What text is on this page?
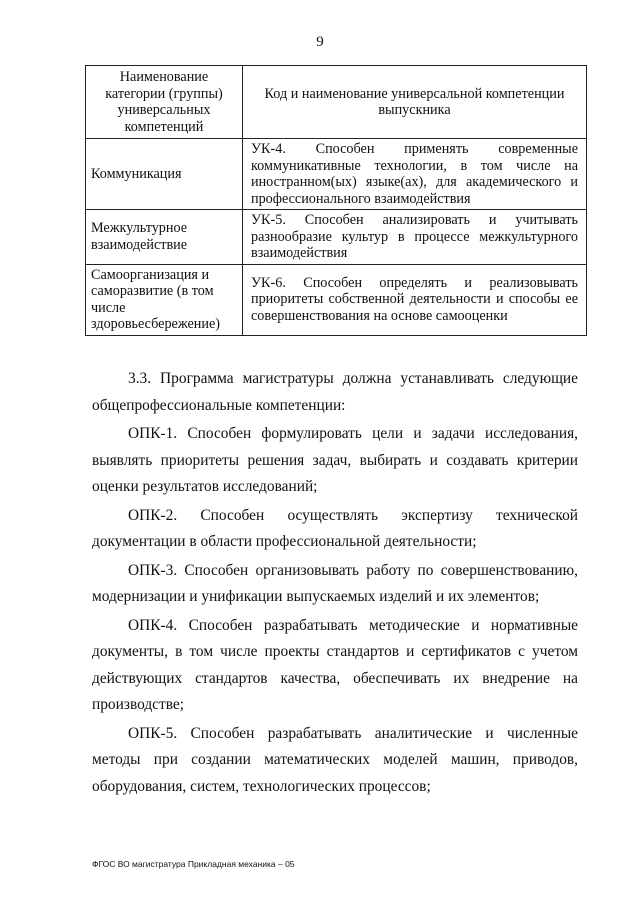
9
Наименование категории (группы) универсальных компетенций	Код и наименование универсальной компетенции выпускника
Коммуникация	УК-4. Способен применять современные коммуникативные технологии, в том числе на иностранном(ых) языке(ах), для академического и профессионального взаимодействия
Межкультурное взаимодействие	УК-5. Способен анализировать и учитывать разнообразие культур в процессе межкультурного взаимодействия
Самоорганизация и саморазвитие (в том числе здоровьесбережение)	УК-6. Способен определять и реализовывать приоритеты собственной деятельности и способы ее совершенствования на основе самооценки

3.3. Программа магистратуры должна устанавливать следующие общепрофессиональные компетенции:

ОПК-1. Способен формулировать цели и задачи исследования, выявлять приоритеты решения задач, выбирать и создавать критерии оценки результатов исследований;

ОПК-2. Способен осуществлять экспертизу технической документации в области профессиональной деятельности;

ОПК-3. Способен организовывать работу по совершенствованию, модернизации и унификации выпускаемых изделий и их элементов;

ОПК-4. Способен разрабатывать методические и нормативные документы, в том числе проекты стандартов и сертификатов с учетом действующих стандартов качества, обеспечивать их внедрение на производстве;

ОПК-5. Способен разрабатывать аналитические и численные методы при создании математических моделей машин, приводов, оборудования, систем, технологических процессов;

ФГОС ВО магистратура Прикладная механика – 05
